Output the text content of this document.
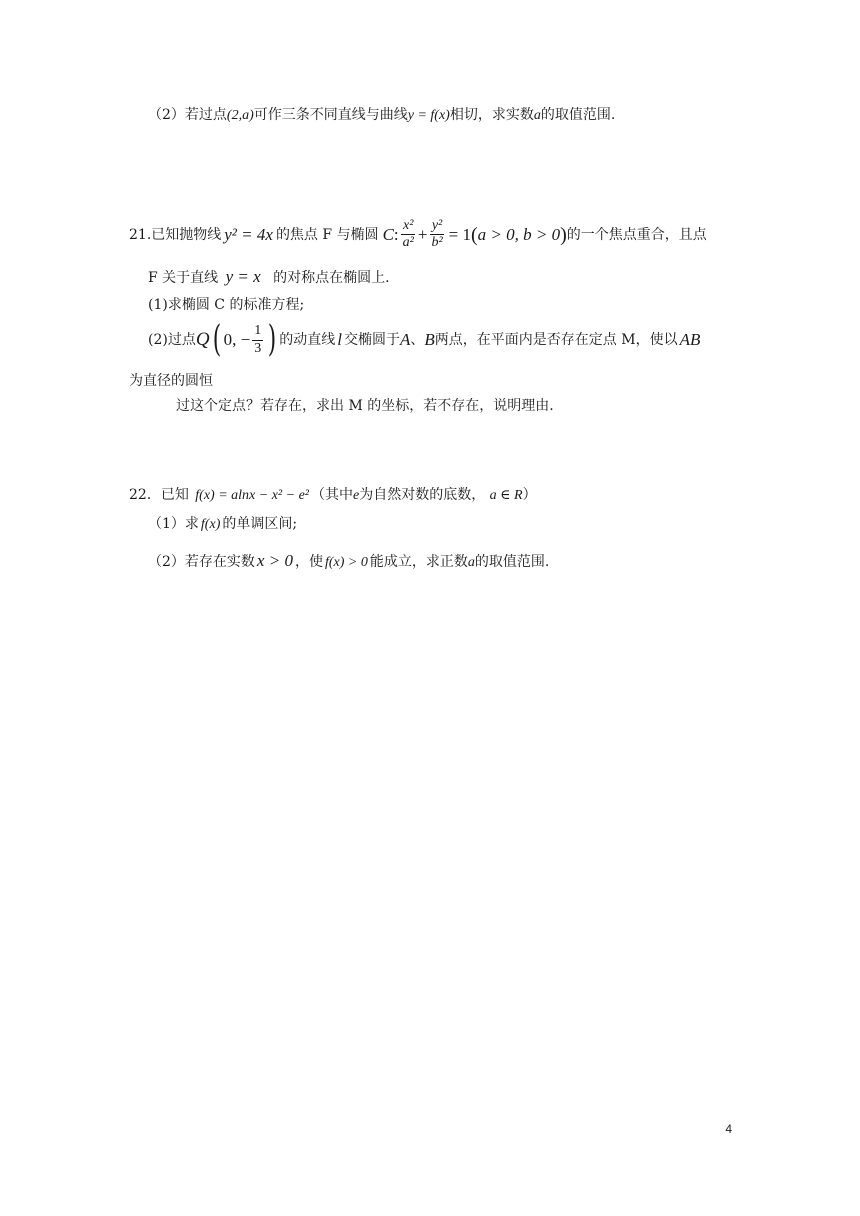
（2）若过点(2,a)可作三条不同直线与曲线y = f(x)相切，求实数a的取值范围.
21. 已知抛物线 y² = 4x 的焦点 F 与椭圆 C : $\frac{\text{x²}}{\text{a²}} + \frac{\text{y²}}{\text{b²}} = 1$ ( a > 0, b > 0 ) 的一个焦点重合，且点
F 关于直线 y = x 的对称点在椭圆上.
(1)求椭圆 C 的标准方程;
(2)过点 Q ( 0, − $\frac{1}{3}$ ) 的动直线 l 交椭圆于 A 、 B 两点，在平面内是否存在定点 M，使以 AB
为直径的圆恒
过这个定点？若存在，求出 M 的坐标，若不存在，说明理由.
22．已知 f(x) = alnx − x² − e² （其中e为自然对数的底数， a ∈ R）
（1）求 f(x) 的单调区间;
（2）若存在实数 x > 0 ，使 f(x) > 0 能成立，求正数a的取值范围.
4
